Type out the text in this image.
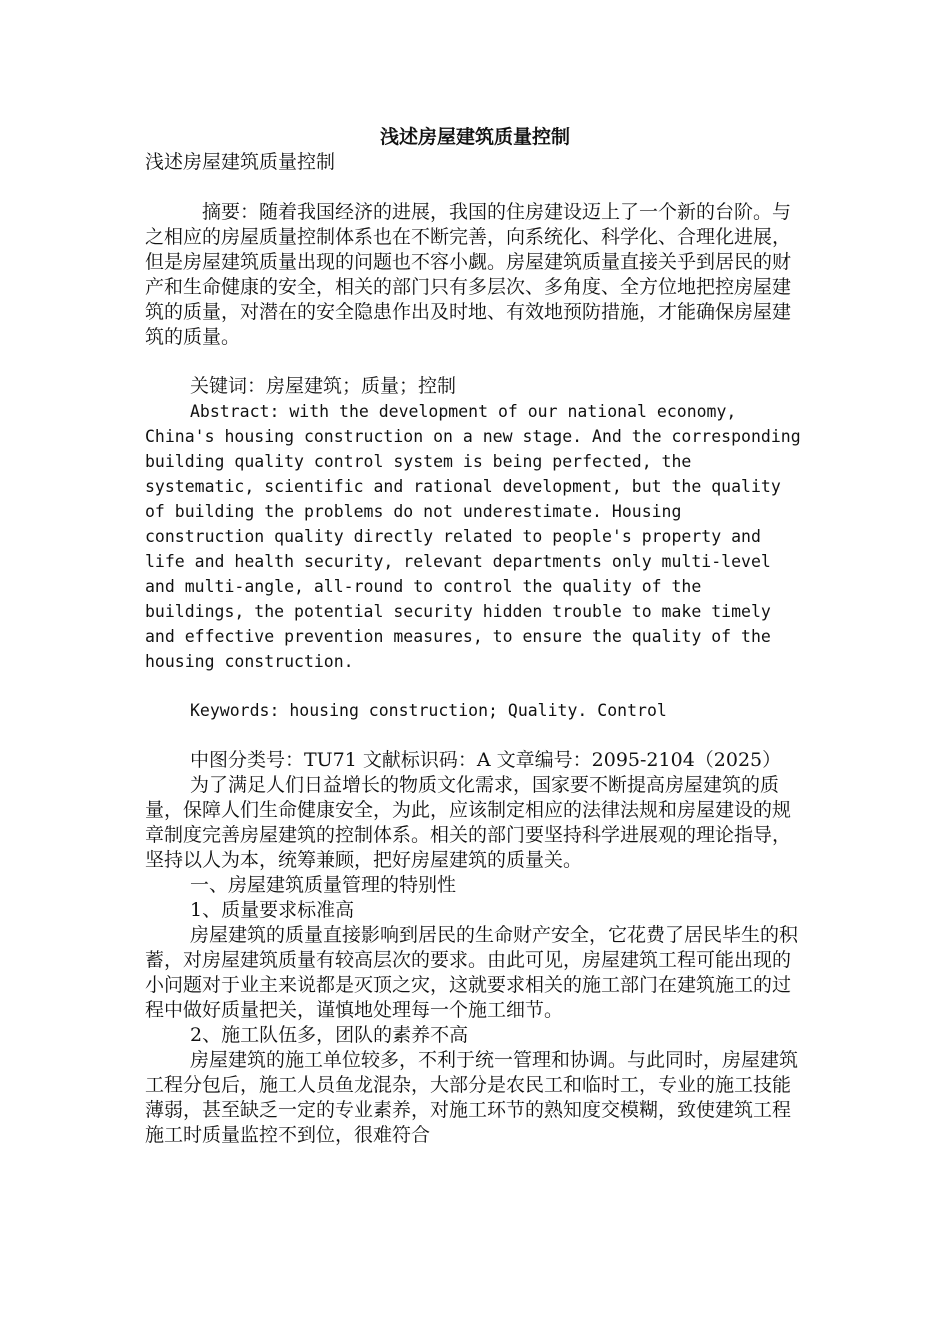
浅述房屋建筑质量控制
浅述房屋建筑质量控制
摘要：随着我国经济的进展，我国的住房建设迈上了一个新的台阶。与之相应的房屋质量控制体系也在不断完善，向系统化、科学化、合理化进展，但是房屋建筑质量出现的问题也不容小觑。房屋建筑质量直接关乎到居民的财产和生命健康的安全，相关的部门只有多层次、多角度、全方位地把控房屋建筑的质量，对潜在的安全隐患作出及时地、有效地预防措施，才能确保房屋建筑的质量。
关键词：房屋建筑；质量；控制
Abstract: with the development of our national economy, China's housing construction on a new stage. And the corresponding building quality control system is being perfected, the systematic, scientific and rational development, but the quality of building the problems do not underestimate. Housing construction quality directly related to people's property and life and health security, relevant departments only multi-level and multi-angle, all-round to control the quality of the buildings, the potential security hidden trouble to make timely and effective prevention measures, to ensure the quality of the housing construction.
Keywords: housing construction; Quality. Control

中图分类号：TU71 文献标识码：A 文章编号：2095-2104（2025）

为了满足人们日益增长的物质文化需求，国家要不断提高房屋建筑的质量，保障人们生命健康安全，为此，应该制定相应的法律法规和房屋建设的规章制度完善房屋建筑的控制体系。相关的部门要坚持科学进展观的理论指导，坚持以人为本，统筹兼顾，把好房屋建筑的质量关。

一、房屋建筑质量管理的特别性

1、质量要求标准高

房屋建筑的质量直接影响到居民的生命财产安全，它花费了居民毕生的积蓄，对房屋建筑质量有较高层次的要求。由此可见，房屋建筑工程可能出现的小问题对于业主来说都是灭顶之灾，这就要求相关的施工部门在建筑施工的过程中做好质量把关，谨慎地处理每一个施工细节。

2、施工队伍多，团队的素养不高

房屋建筑的施工单位较多，不利于统一管理和协调。与此同时，房屋建筑工程分包后，施工人员鱼龙混杂，大部分是农民工和临时工，专业的施工技能薄弱，甚至缺乏一定的专业素养，对施工环节的熟知度交模糊，致使建筑工程施工时质量监控不到位，很难符合
